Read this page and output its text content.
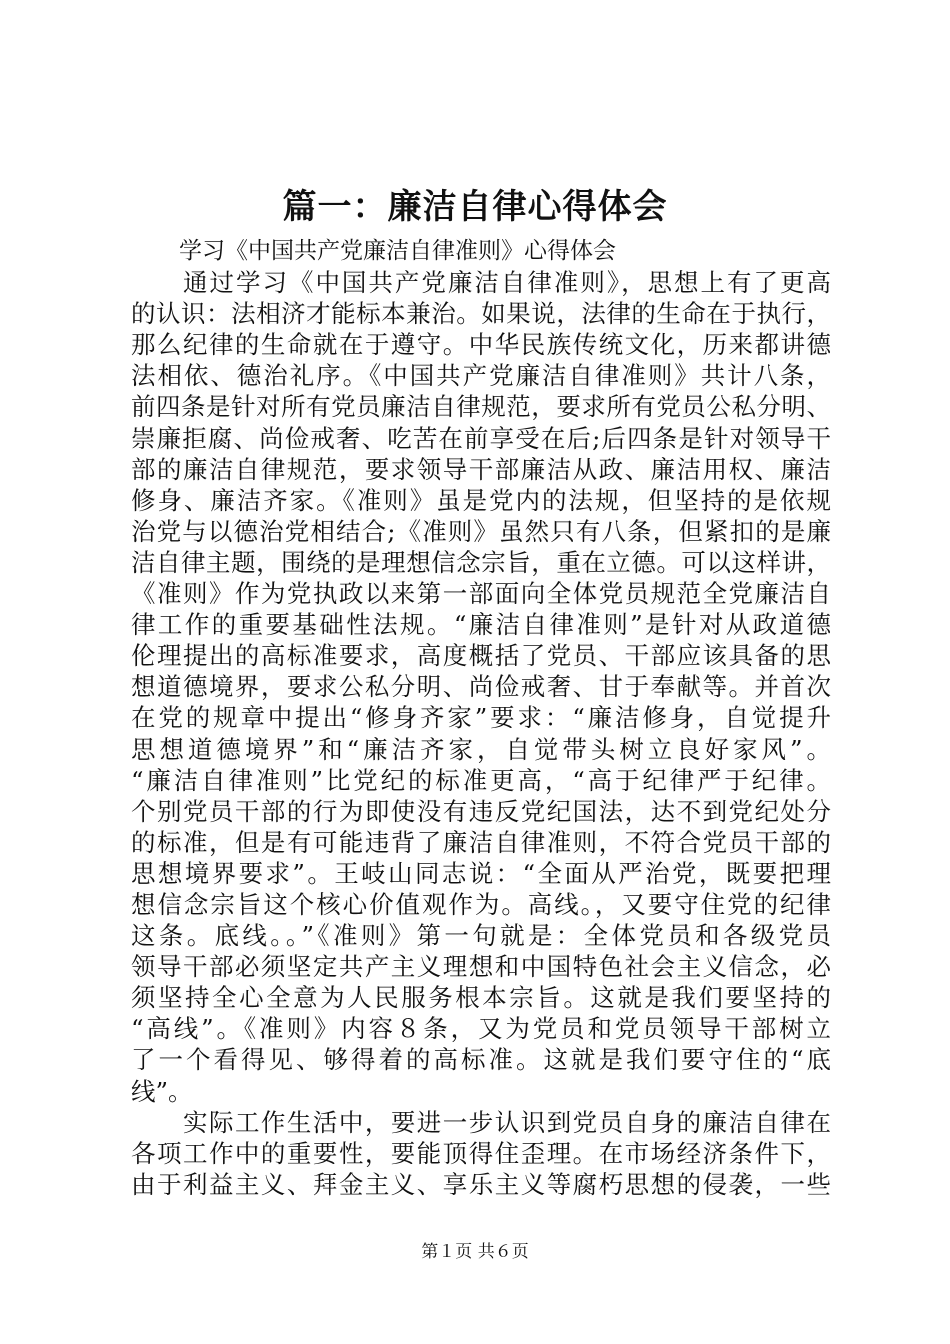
篇一：廉洁自律心得体会
学习《中国共产党廉洁自律准则》心得体会
通过学习《中国共产党廉洁自律准则》，思想上有了更高
的认识：法相济才能标本兼治。如果说，法律的生命在于执行，
那么纪律的生命就在于遵守。中华民族传统文化，历来都讲德
法相依、德治礼序。《中国共产党廉洁自律准则》共计八条，
前四条是针对所有党员廉洁自律规范，要求所有党员公私分明、
崇廉拒腐、尚俭戒奢、吃苦在前享受在后;后四条是针对领导干
部的廉洁自律规范，要求领导干部廉洁从政、廉洁用权、廉洁
修身、廉洁齐家。《准则》虽是党内的法规，但坚持的是依规
治党与以德治党相结合;《准则》虽然只有八条，但紧扣的是廉
洁自律主题，围绕的是理想信念宗旨，重在立德。可以这样讲，
《准则》作为党执政以来第一部面向全体党员规范全党廉洁自
律工作的重要基础性法规。“廉洁自律准则”是针对从政道德
伦理提出的高标准要求，高度概括了党员、干部应该具备的思
想道德境界，要求公私分明、尚俭戒奢、甘于奉献等。并首次
在党的规章中提出“修身齐家”要求：“廉洁修身，自觉提升
思想道德境界”和“廉洁齐家，自觉带头树立良好家风”。
“廉洁自律准则”比党纪的标准更高，“高于纪律严于纪律。
个别党员干部的行为即使没有违反党纪国法，达不到党纪处分
的标准，但是有可能违背了廉洁自律准则，不符合党员干部的
思想境界要求”。王岐山同志说：“全面从严治党，既要把理
想信念宗旨这个核心价值观作为。高线。，又要守住党的纪律
这条。底线。。”《准则》第一句就是：全体党员和各级党员
领导干部必须坚定共产主义理想和中国特色社会主义信念，必
须坚持全心全意为人民服务根本宗旨。这就是我们要坚持的
“高线”。《准则》内容８条，又为党员和党员领导干部树立
了一个看得见、够得着的高标准。这就是我们要守住的“底
线”。
实际工作生活中，要进一步认识到党员自身的廉洁自律在
各项工作中的重要性，要能顶得住歪理。在市场经济条件下，
由于利益主义、拜金主义、享乐主义等腐朽思想的侵袭，一些
第１页 共６页
